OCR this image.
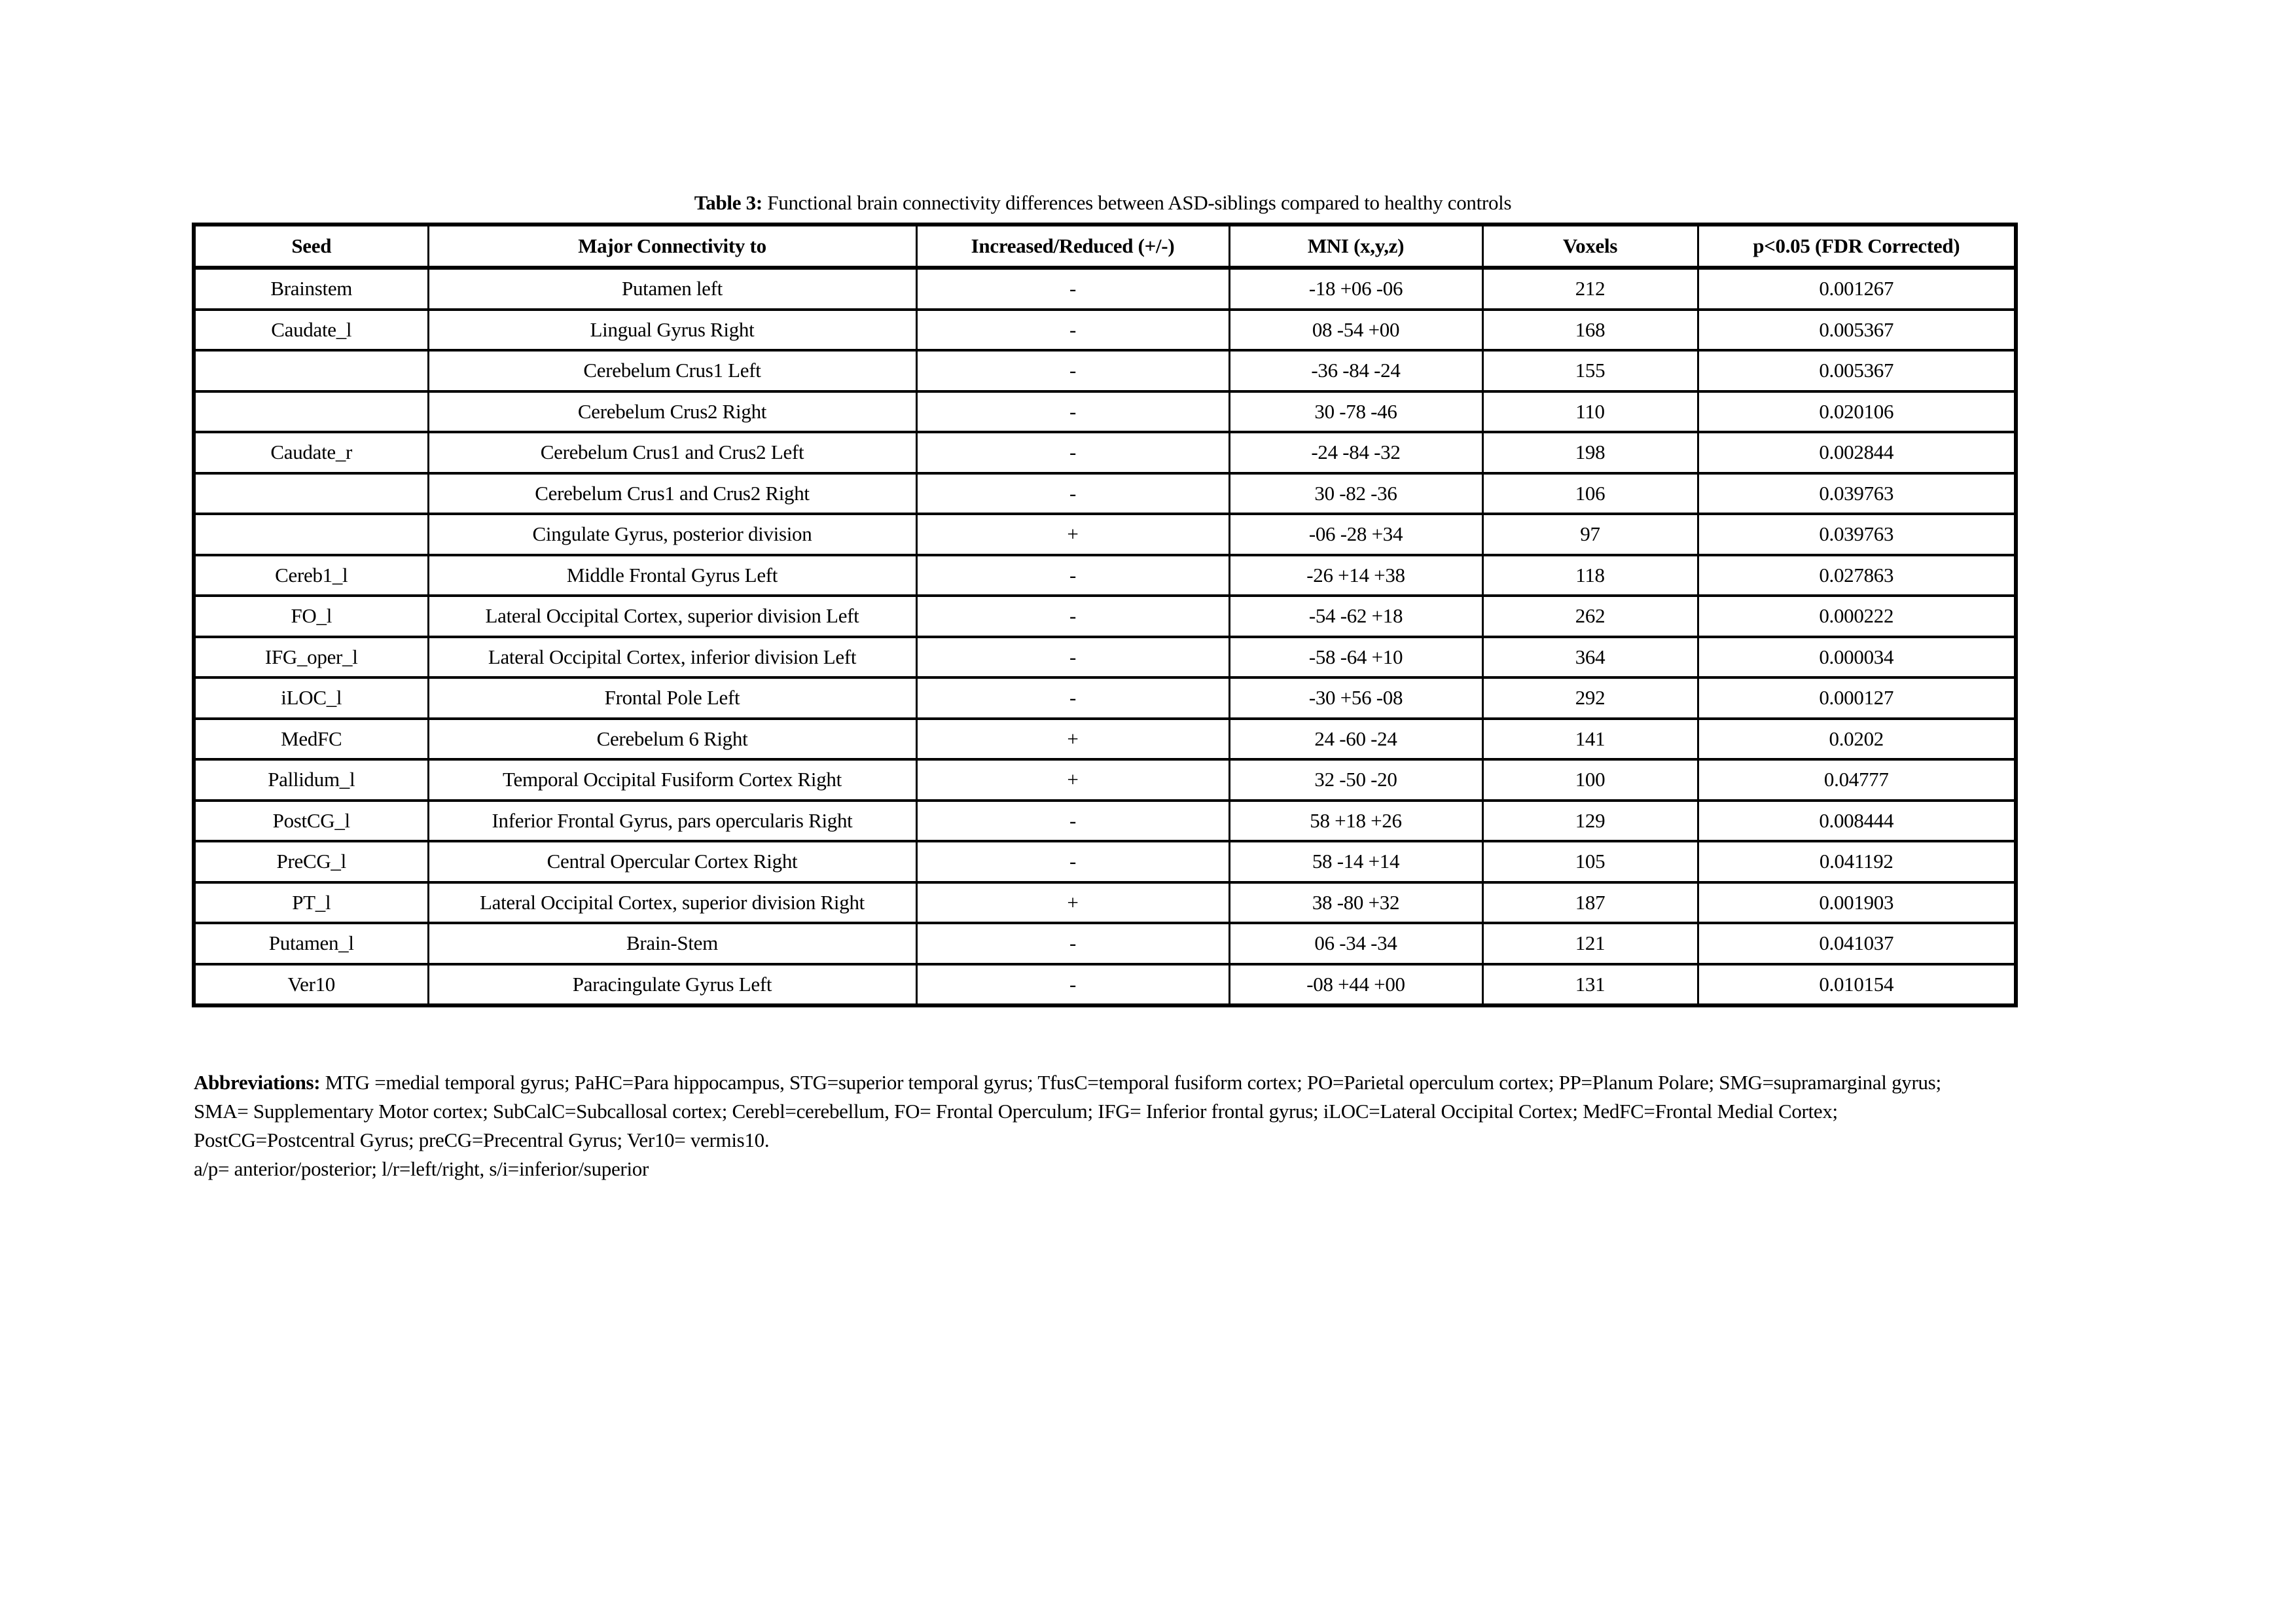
Table 3: Functional brain connectivity differences between ASD-siblings compared to healthy controls
Seed	Major Connectivity to	Increased/Reduced (+/-)	MNI (x,y,z)	Voxels	p<0.05 (FDR Corrected)
Brainstem	Putamen left	-	-18 +06 -06	212	0.001267
Caudate_l	Lingual Gyrus Right	-	08 -54 +00	168	0.005367
	Cerebelum Crus1 Left	-	-36 -84 -24	155	0.005367
	Cerebelum Crus2 Right	-	30 -78 -46	110	0.020106
Caudate_r	Cerebelum Crus1 and Crus2 Left	-	-24 -84 -32	198	0.002844
	Cerebelum Crus1 and Crus2 Right	-	30 -82 -36	106	0.039763
	Cingulate Gyrus, posterior division	+	-06 -28 +34	97	0.039763
Cereb1_l	Middle Frontal Gyrus Left	-	-26 +14 +38	118	0.027863
FO_l	Lateral Occipital Cortex, superior division Left	-	-54 -62 +18	262	0.000222
IFG_oper_l	Lateral Occipital Cortex, inferior division Left	-	-58 -64 +10	364	0.000034
iLOC_l	Frontal Pole Left	-	-30 +56 -08	292	0.000127
MedFC	Cerebelum 6 Right	+	24 -60 -24	141	0.0202
Pallidum_l	Temporal Occipital Fusiform Cortex Right	+	32 -50 -20	100	0.04777
PostCG_l	Inferior Frontal Gyrus, pars opercularis Right	-	58 +18 +26	129	0.008444
PreCG_l	Central Opercular Cortex Right	-	58 -14 +14	105	0.041192
PT_l	Lateral Occipital Cortex, superior division Right	+	38 -80 +32	187	0.001903
Putamen_l	Brain-Stem	-	06 -34 -34	121	0.041037
Ver10	Paracingulate Gyrus Left	-	-08 +44 +00	131	0.010154

Abbreviations: MTG =medial temporal gyrus; PaHC=Para hippocampus, STG=superior temporal gyrus; TfusC=temporal fusiform cortex; PO=Parietal operculum cortex; PP=Planum Polare; SMG=supramarginal gyrus;

SMA= Supplementary Motor cortex; SubCalC=Subcallosal cortex; Cerebl=cerebellum, FO= Frontal Operculum; IFG= Inferior frontal gyrus; iLOC=Lateral Occipital Cortex; MedFC=Frontal Medial Cortex;

PostCG=Postcentral Gyrus; preCG=Precentral Gyrus; Ver10= vermis10.

a/p= anterior/posterior; l/r=left/right, s/i=inferior/superior
